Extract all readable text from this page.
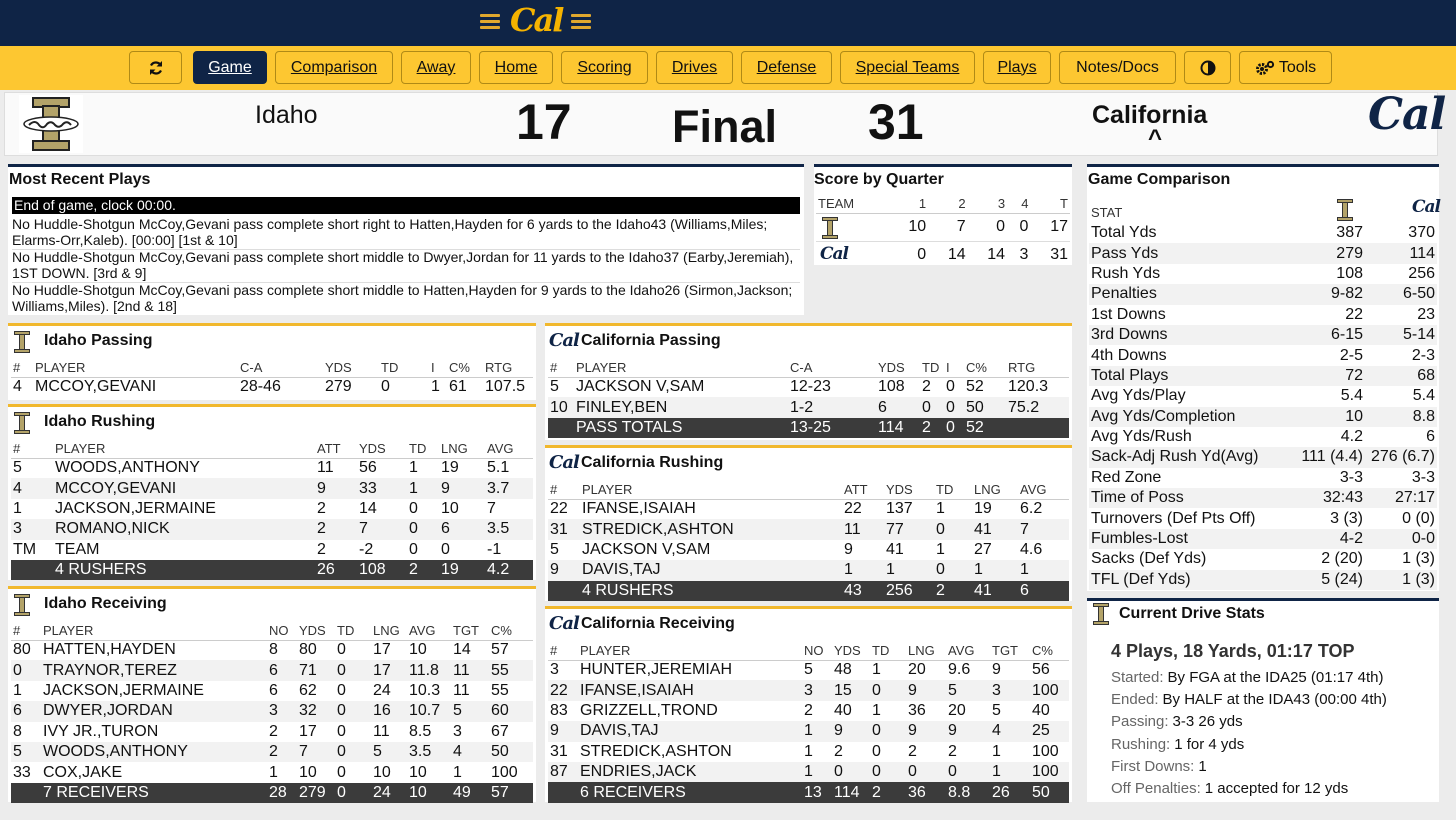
Cal
Game	Comparison	Away	Home	Scoring	Drives	Defense	Special Teams	Plays	Notes/Docs	Tools
Idaho	17 Final 31	California
^	Cal
Most Recent Plays
End of game, clock 00:00.
No Huddle-Shotgun McCoy,Gevani pass complete short right to Hatten,Hayden for 6 yards to the Idaho43 (Williams,Miles; Elarms-Orr,Kaleb). [00:00] [1st & 10]
No Huddle-Shotgun McCoy,Gevani pass complete short middle to Dwyer,Jordan for 11 yards to the Idaho37 (Earby,Jeremiah), 1ST DOWN. [3rd & 9]
No Huddle-Shotgun McCoy,Gevani pass complete short middle to Hatten,Hayden for 9 yards to the Idaho26 (Sirmon,Jackson; Williams,Miles). [2nd & 18]
Score by Quarter
TEAM	1	2	3	4	T

	10	7	0	0	17

Cal	0	14	14	3	31
Game Comparison
STAT	Cal
Total Yds	387	370
Pass Yds	279	114
Rush Yds	108	256
Penalties	9-82	6-50
1st Downs	22	23
3rd Downs	6-15	5-14
4th Downs	2-5	2-3
Total Plays	72	68
Avg Yds/Play	5.4	5.4
Avg Yds/Completion	10	8.8
Avg Yds/Rush	4.2	6
Sack-Adj Rush Yd(Avg)	111 (4.4)	276 (6.7)
Red Zone	3-3	3-3
Time of Poss	32:43	27:17
Turnovers (Def Pts Off)	3 (3)	0 (0)
Fumbles-Lost	4-2	0-0
Sacks (Def Yds)	2 (20)	1 (3)
TFL (Def Yds)	5 (24)	1 (3)
Current Drive Stats
4 Plays, 18 Yards, 01:17 TOP
Started: By FGA at the IDA25 (01:17 4th)
Ended: By HALF at the IDA43 (00:00 4th)
Passing: 3-3 26 yds
Rushing: 1 for 4 yds
First Downs: 1
Off Penalties: 1 accepted for 12 yds
Idaho Passing
#	PLAYER	C-A	YDS	TD	I	C%	RTG
4	MCCOY,GEVANI	28-46	279	0	1	61	107.5
Idaho Rushing
#	PLAYER	ATT	YDS	TD	LNG	AVG
5	WOODS,ANTHONY	11	56	1	19	5.1
4	MCCOY,GEVANI	9	33	1	9	3.7
1	JACKSON,JERMAINE	2	14	0	10	7
3	ROMANO,NICK	2	7	0	6	3.5
TM	TEAM	2	-2	0	0	-1
	4 RUSHERS	26	108	2	19	4.2
Idaho Receiving
#	PLAYER	NO	YDS	TD	LNG	AVG	TGT	C%
80	HATTEN,HAYDEN	8	80	0	17	10	14	57
0	TRAYNOR,TEREZ	6	71	0	17	11.8	11	55
1	JACKSON,JERMAINE	6	62	0	24	10.3	11	55
6	DWYER,JORDAN	3	32	0	16	10.7	5	60
8	IVY JR.,TURON	2	17	0	11	8.5	3	67
5	WOODS,ANTHONY	2	7	0	5	3.5	4	50
33	COX,JAKE	1	10	0	10	10	1	100
	7 RECEIVERS	28	279	0	24	10	49	57
Cal California Passing
#	PLAYER	C-A	YDS	TD	I	C%	RTG
5	JACKSON V,SAM	12-23	108	2	0	52	120.3
10	FINLEY,BEN	1-2	6	0	0	50	75.2
	PASS TOTALS	13-25	114	2	0	52	
Cal California Rushing
#	PLAYER	ATT	YDS	TD	LNG	AVG
22	IFANSE,ISAIAH	22	137	1	19	6.2
31	STREDICK,ASHTON	11	77	0	41	7
5	JACKSON V,SAM	9	41	1	27	4.6
9	DAVIS,TAJ	1	1	0	1	1
	4 RUSHERS	43	256	2	41	6
Cal California Receiving
#	PLAYER	NO	YDS	TD	LNG	AVG	TGT	C%
3	HUNTER,JEREMIAH	5	48	1	20	9.6	9	56
22	IFANSE,ISAIAH	3	15	0	9	5	3	100
83	GRIZZELL,TROND	2	40	1	36	20	5	40
9	DAVIS,TAJ	1	9	0	9	9	4	25
31	STREDICK,ASHTON	1	2	0	2	2	1	100
87	ENDRIES,JACK	1	0	0	0	0	1	100
	6 RECEIVERS	13	114	2	36	8.8	26	50
